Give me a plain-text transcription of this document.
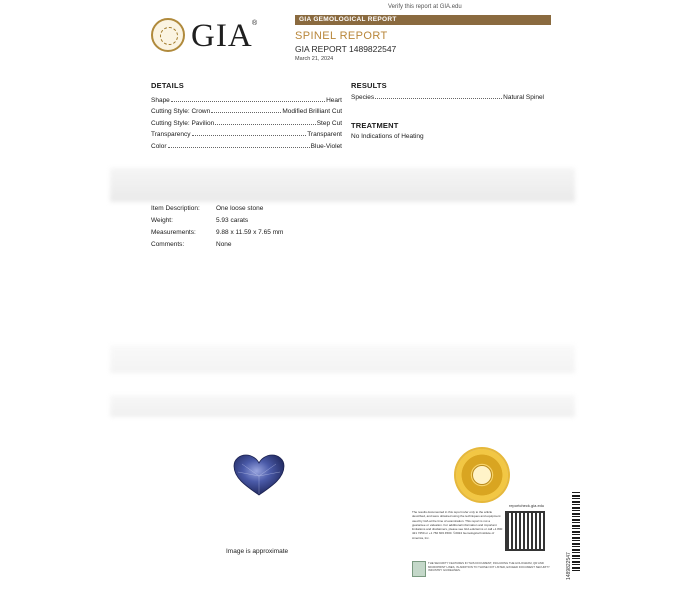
Verify this report at GIA.edu
GIA ®
GIA GEMOLOGICAL REPORT
SPINEL REPORT
GIA REPORT 1489822547
March 21, 2024
DETAILS
Shape	Heart
Cutting Style: Crown	Modified Brilliant Cut
Cutting Style: Pavilion	Step Cut
Transparency	Transparent
Color	Blue-Violet
RESULTS
Species	Natural Spinel
TREATMENT
No Indications of Heating
Item Description: One loose stone
Weight:	5.93 carats
Measurements:	9.88 x 11.59 x 7.65 mm
Comments:	None
Image is approximate
The results documented in this report refer only to the article described, and were obtained using the techniques and equipment used by GIA at the time of examination. This report is not a guarantee or valuation. For additional information and important limitations and disclaimers, please see GIA.edu/terms or call +1 800 421 7250 or +1 760 603 4500. ©2024 Gemological Institute of America, Inc.
reportcheck.gia.edu
THE SECURITY FEATURES IN THIS DOCUMENT, INCLUDING THE HOLOGRAM, QR AND MICROPRINT LINES, IN ADDITION TO THOSE NOT LISTED, EXCEED DOCUMENT SECURITY INDUSTRY GUIDELINES.	1489822547
